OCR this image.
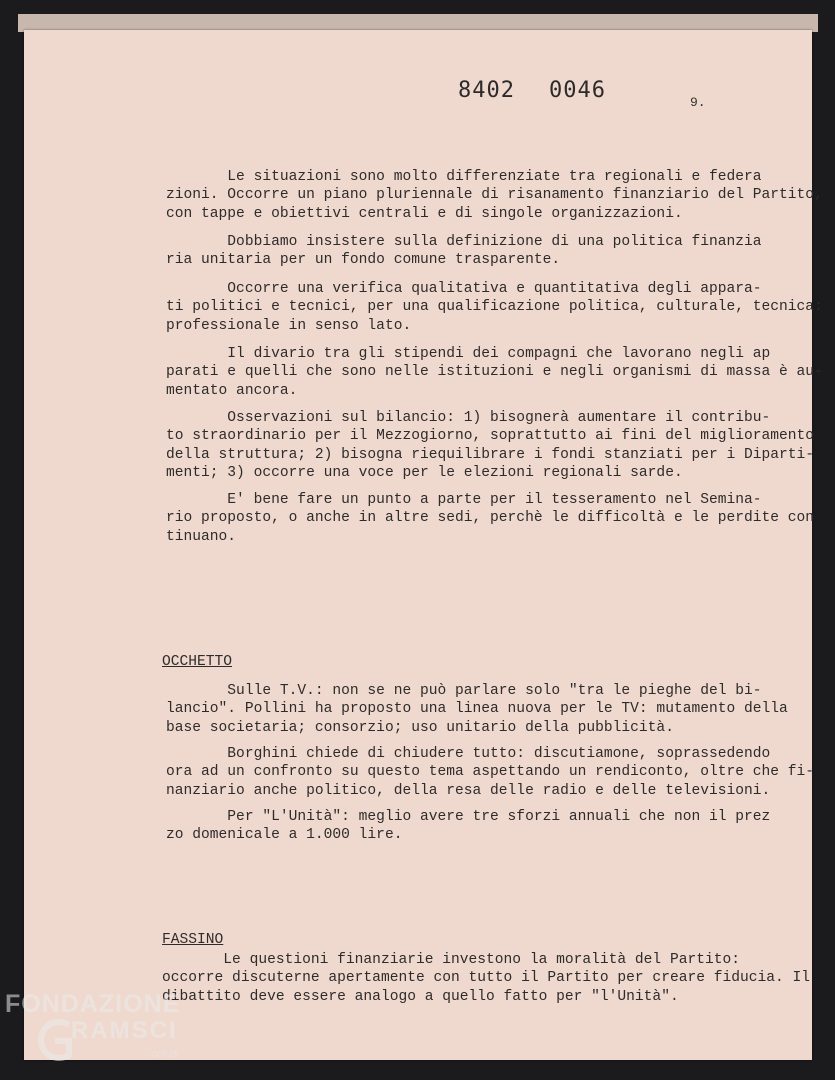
8402 0046	9.

Le situazioni sono molto differenziate tra regionali e federa
zioni. Occorre un piano pluriennale di risanamento finanziario del
con tappe e obiettivi centrali e di singole organizzazioni.

Dobbiamo insistere sulla definizione di una politica finanzia
ria unitaria per un fondo comune trasparente.

Occorre una verifica qualitativa e quantitativa degli appara-
ti politici e tecnici, per una qualificazione politica, culturale,
professionale in senso lato.

Il divario tra gli stipendi dei compagni che lavorano negli
parati e quelli che sono nelle istituzioni e negli organismi di massa
mentato ancora.

Osservazioni sul bilancio: 1) bisognerà aumentare il contribu-
to straordinario per il Mezzogiorno, soprattutto ai fini del miglioramento
della struttura; 2) bisogna riequilibrare i fondi stanziati per i
menti; 3) occorre una voce per le elezioni regionali sarde.

E' bene fare un punto a parte per il tesseramento nel Semina-
rio proposto, o anche in altre sedi, perchè le difficoltà e le perdite
tinuano.

OCCHETTO

Sulle T.V.: non se ne può parlare solo "tra le pieghe del bi-
lancio". Pollini ha proposto una linea nuova per le TV: mutamento
base societaria; consorzio; uso unitario della pubblicità.

Borghini chiede di chiudere tutto: discutiamone, soprassedendo
ora ad un confronto su questo tema aspettando un rendiconto, oltre
nanziario anche politico, della resa delle radio e delle televisioni.

Per "L'Unità": meglio avere tre sforzi annuali che non il prez
zo domenicale a 1.000 lire.

FASSINO

Le questioni finanziarie investono la moralità del Partito:
occorre discuterne apertamente con tutto il Partito per creare fiducia.
dibattito deve essere analogo a quello fatto per "l'Unità".

FONDAZIONE
RAMSCI
onlus
